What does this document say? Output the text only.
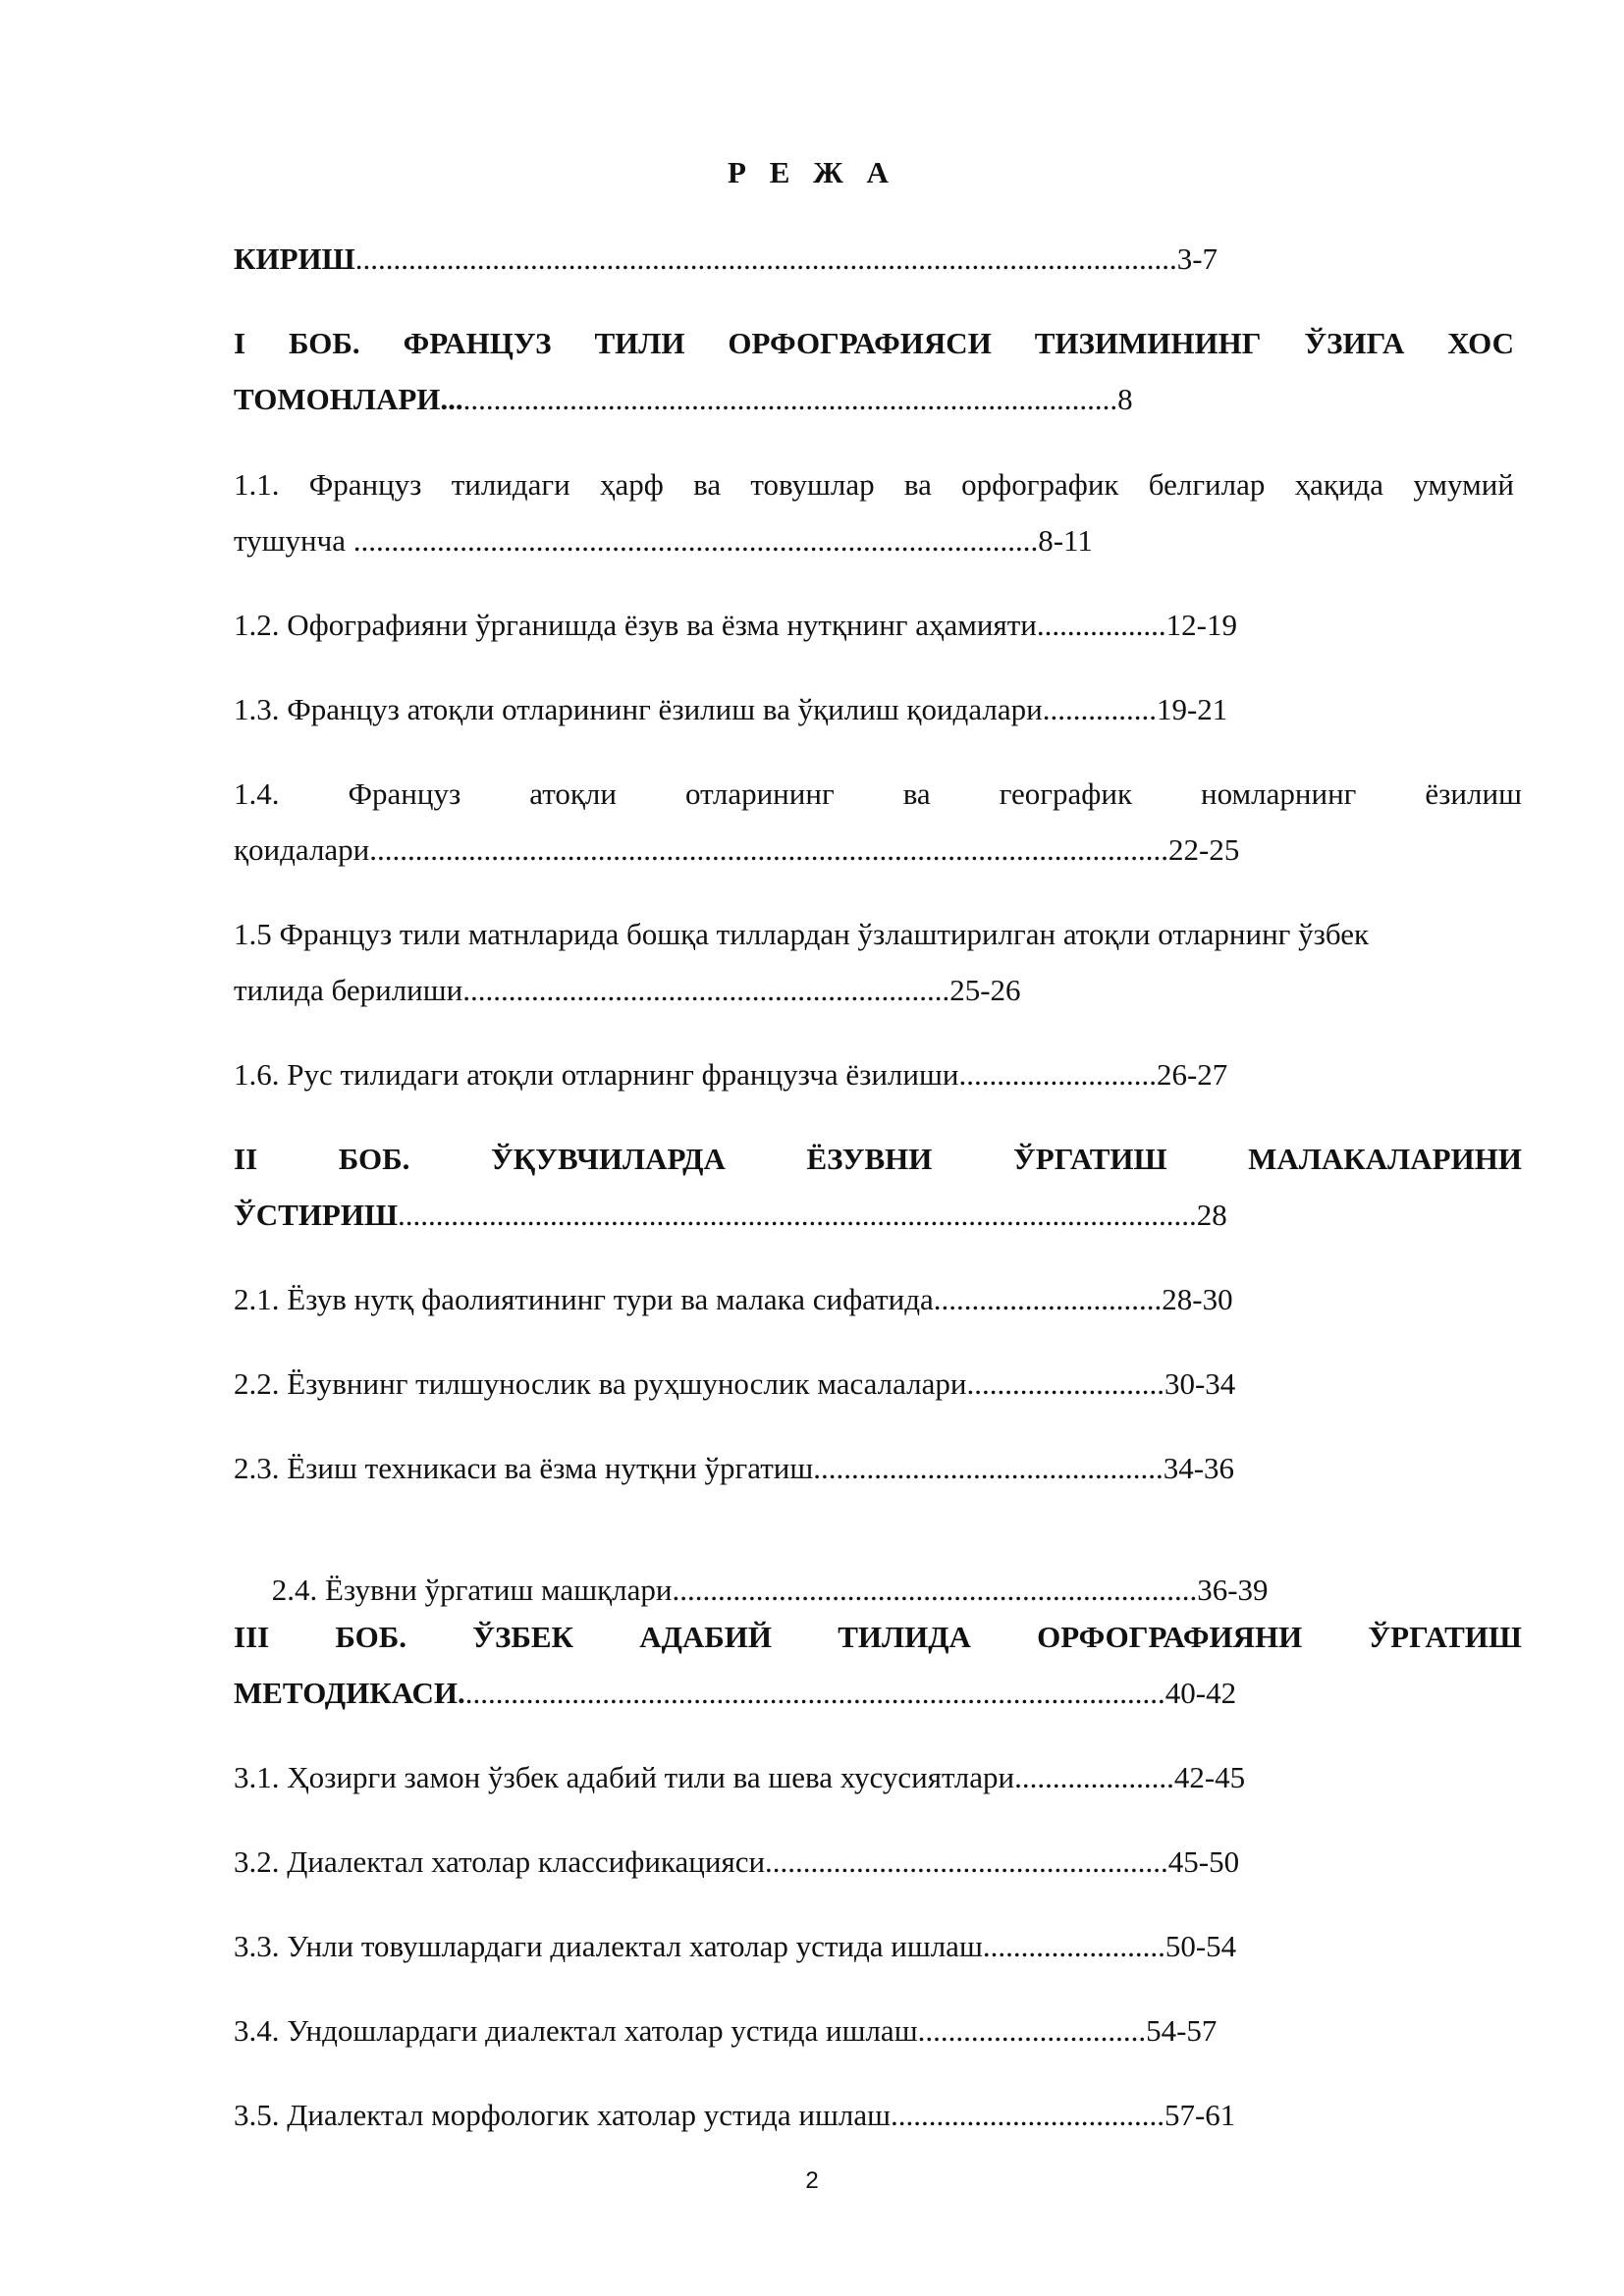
Р Е Ж А
КИРИШ............................................................................................................3-7
I БОБ. ФРАНЦУЗ ТИЛИ ОРФОГРАФИЯСИ ТИЗИМИНИНГ ЎЗИГА ХОС
ТОМОНЛАРИ.........................................................................................8
1.1. Француз тилидаги ҳарф ва товушлар ва орфографик белгилар ҳақида умумий
тушунча ..........................................................................................8-11
1.2. Офографияни ўрганишда ёзув ва ёзма нутқнинг аҳамияти.................12-19
1.3. Француз атоқли отларининг ёзилиш ва ўқилиш қоидалари...............19-21
1.4. Француз атоқли отларининг ва географик номларнинг ёзилиш
қоидалари.........................................................................................................22-25
1.5 Француз тили матнларида бошқа тиллардан ўзлаштирилган атоқли отларнинг ўзбек
тилида берилиши................................................................25-26
1.6. Рус тилидаги атоқли отларнинг французча ёзилиши..........................26-27
II	БОБ.	ЎҚУВЧИЛАРДА	ЁЗУВНИ	ЎРГАТИШ	МАЛАКАЛАРИНИ
ЎСТИРИШ.........................................................................................................28
2.1. Ёзув нутқ фаолиятининг тури ва малака сифатида..............................28-30
2.2. Ёзувнинг тилшунослик ва руҳшунослик масалалари..........................30-34
2.3. Ёзиш техникаси ва ёзма нутқни ўргатиш..............................................34-36

2.4. Ёзувни ўргатиш машқлари.....................................................................36-39

III БОБ. ЎЗБЕК АДАБИЙ ТИЛИДА ОРФОГРАФИЯНИ ЎРГАТИШ
МЕТОДИКАСИ.............................................................................................40-42
3.1. Ҳозирги замон ўзбек адабий тили ва шева хусусиятлари.....................42-45
3.2. Диалектал хатолар классификацияси.....................................................45-50
3.3. Унли товушлардаги диалектал хатолар устида ишлаш........................50-54
3.4. Ундошлардаги диалектал хатолар устида ишлаш..............................54-57
3.5. Диалектал морфологик хатолар устида ишлаш....................................57-61
2
